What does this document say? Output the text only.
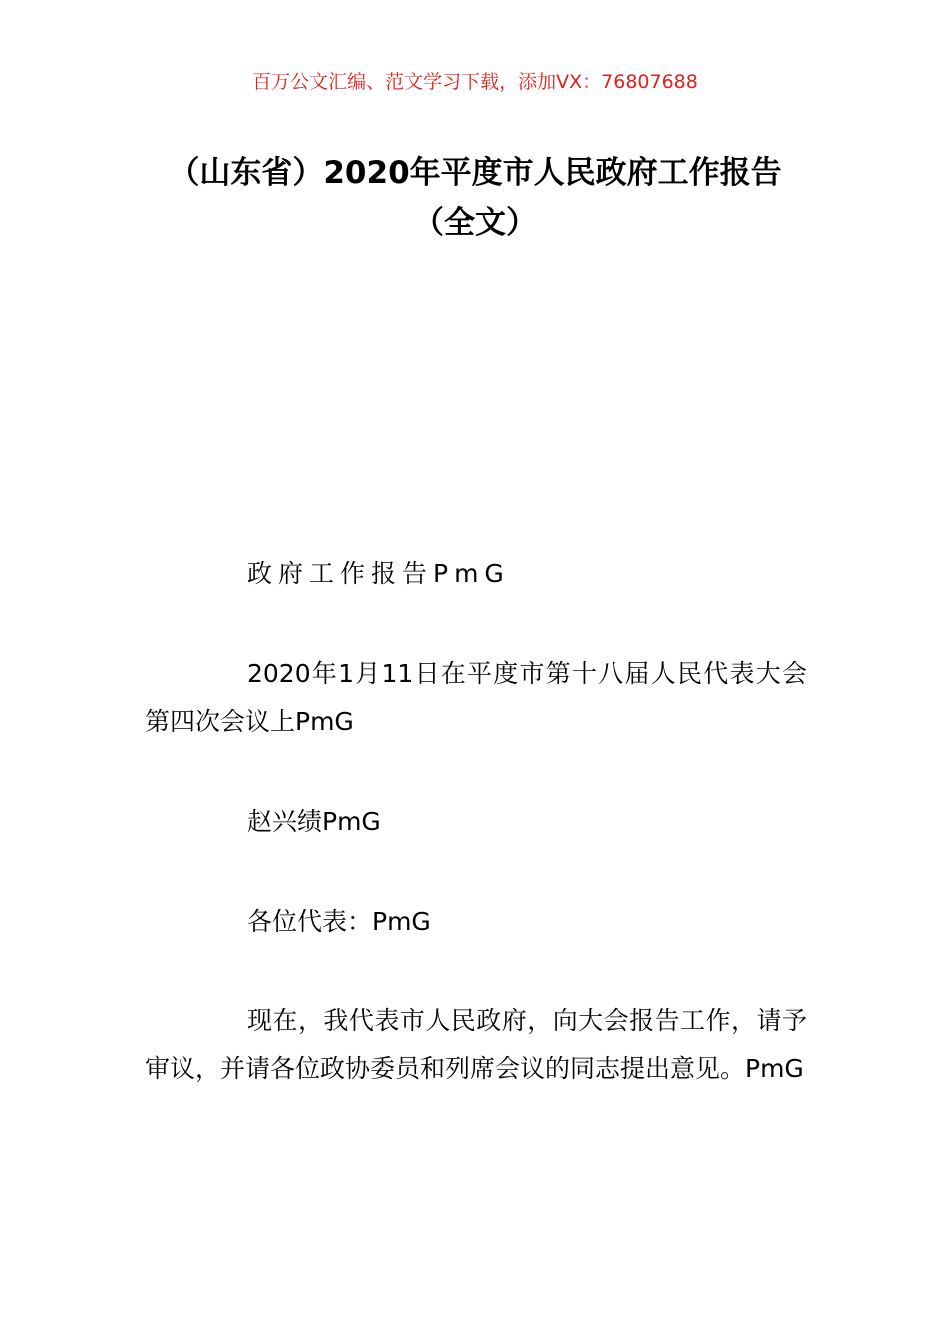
百万公文汇编、范文学习下载，添加VX：76807688
（山东省）2020年平度市人民政府工作报告（全文）

政府工作报告PmG

2020年1月11日在平度市第十八届人民代表大会第四次会议上PmG

赵兴绩PmG

各位代表：PmG

现在，我代表市人民政府，向大会报告工作，请予审议，并请各位政协委员和列席会议的同志提出意见。PmG
